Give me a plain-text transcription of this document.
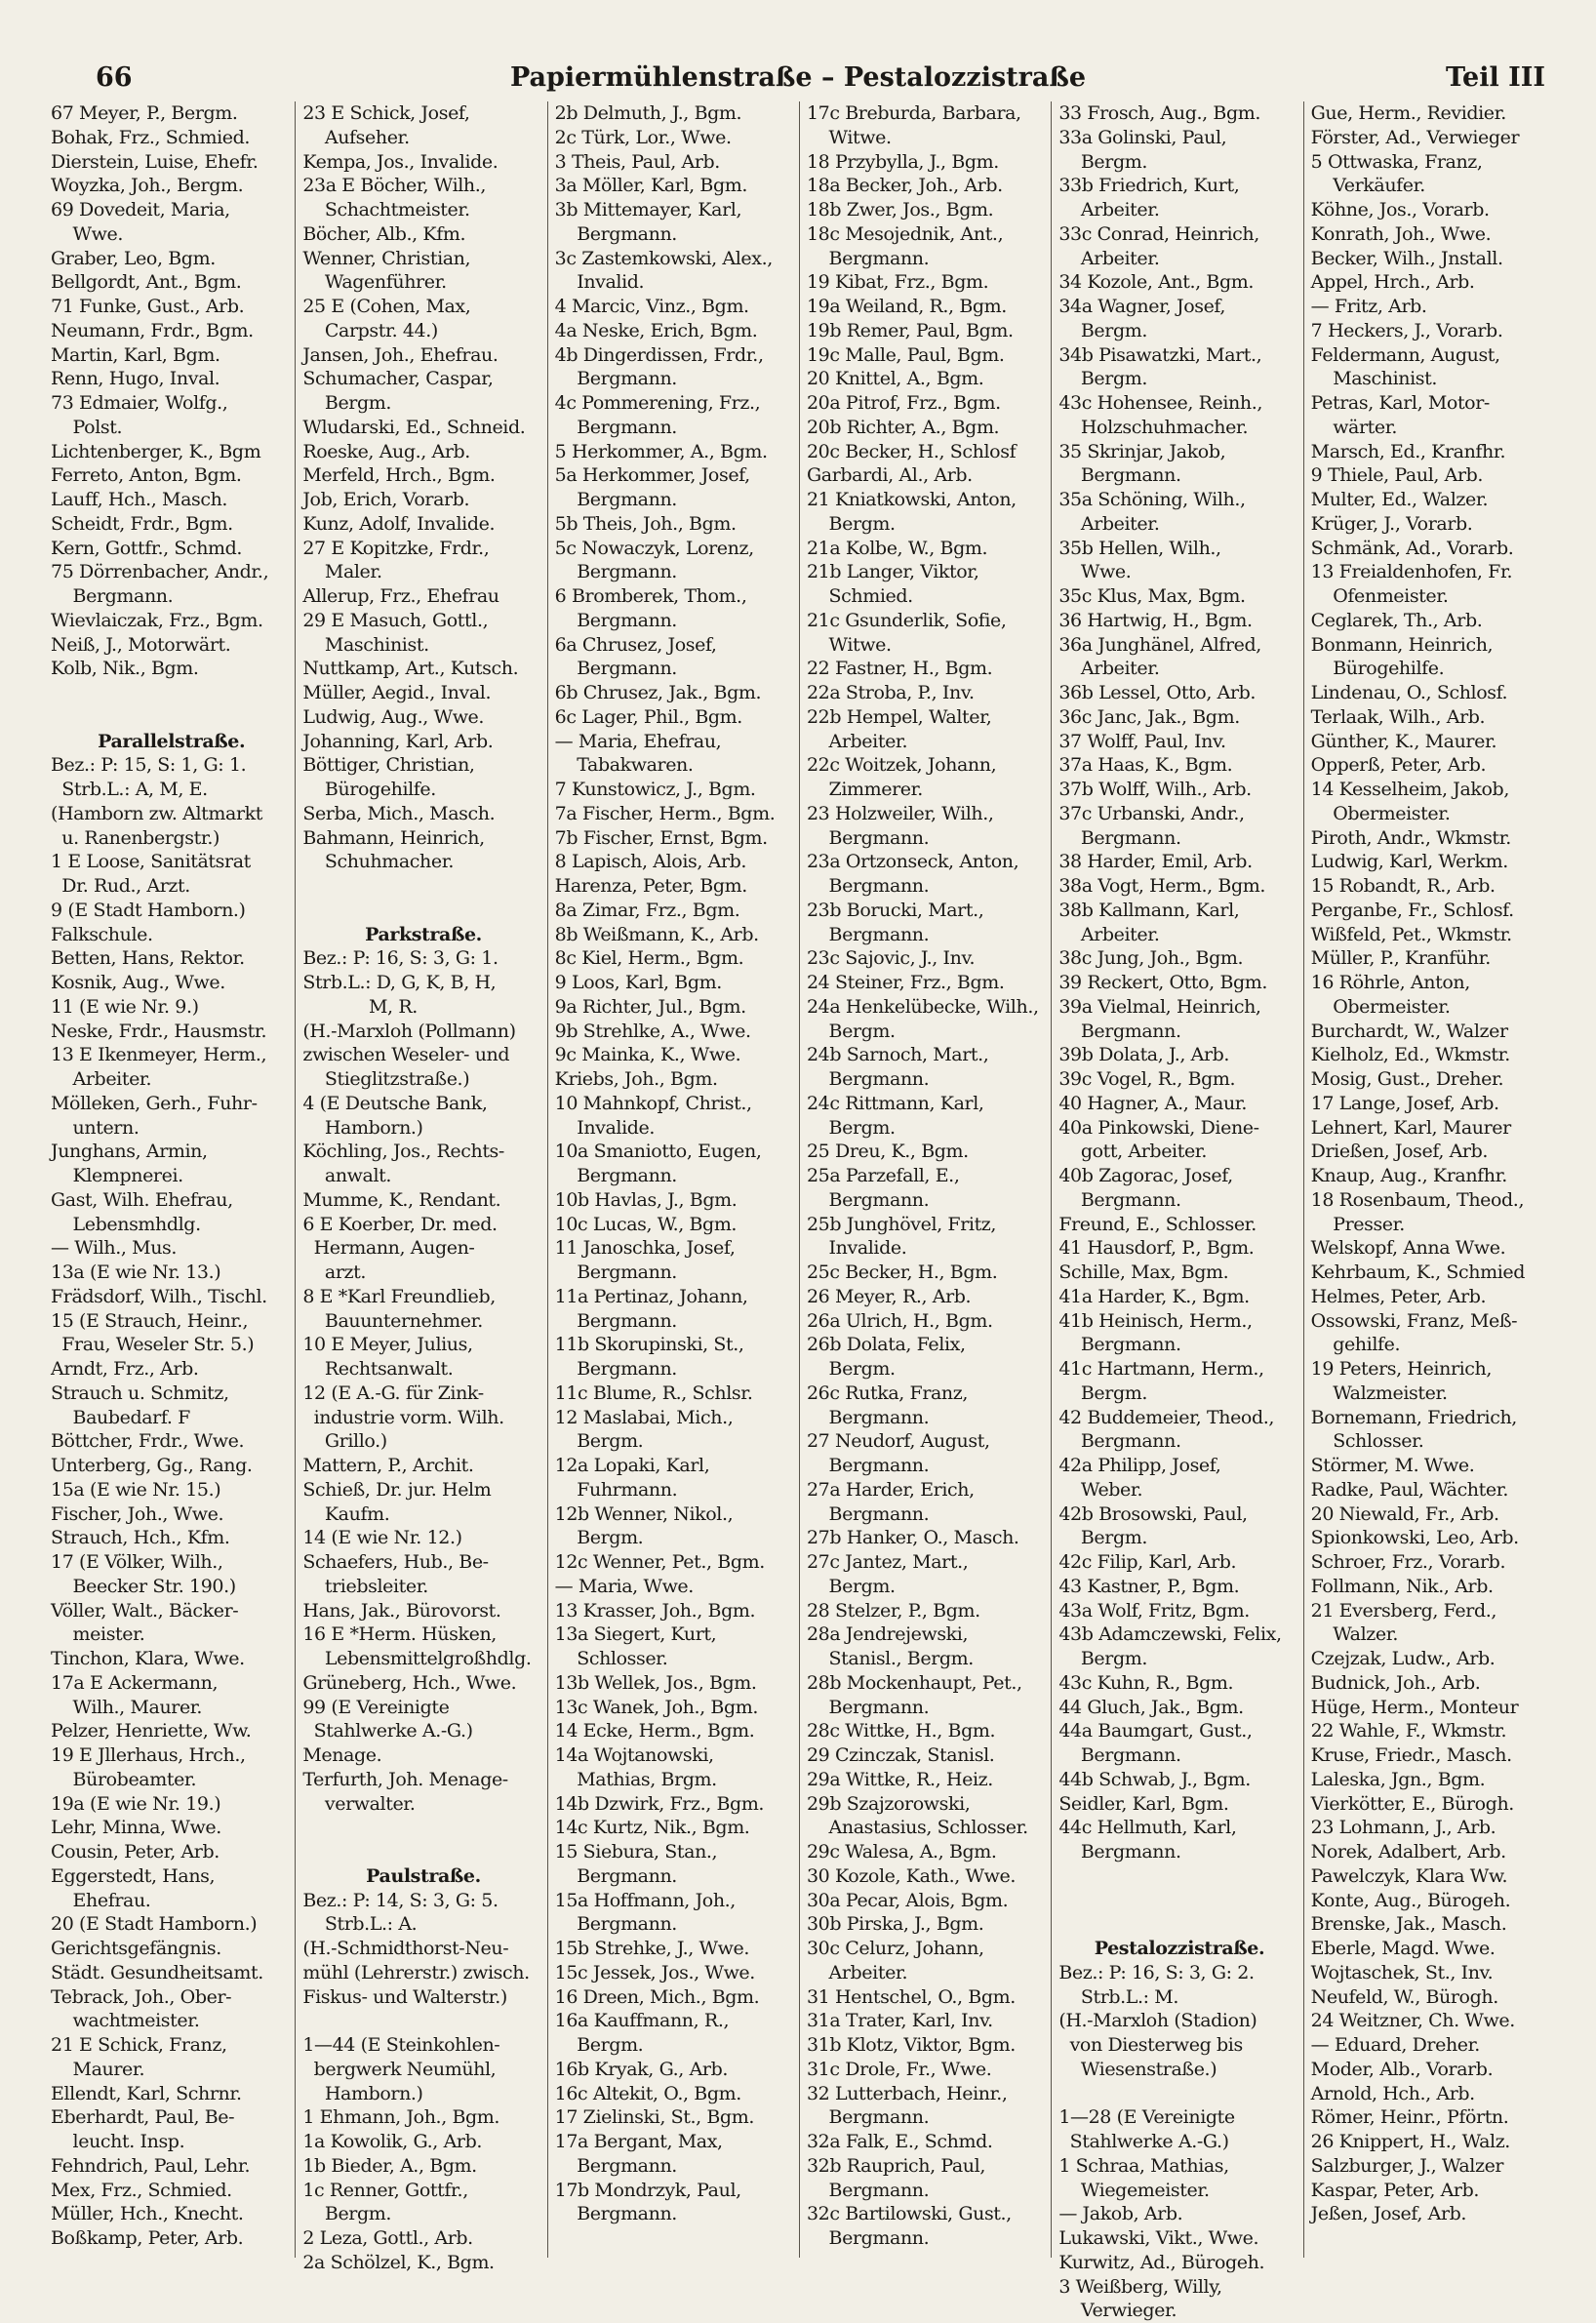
66	Papiermühlenstraße – Pestalozzistraße	Teil III
67 Meyer, P., Bergm.
Bohak, Frz., Schmied.
Dierstein, Luise, Ehefr.
Woyzka, Joh., Bergm.
69 Dovedeit, Maria,
Wwe.
Graber, Leo, Bgm.
Bellgordt, Ant., Bgm.
71 Funke, Gust., Arb.
Neumann, Frdr., Bgm.
Martin, Karl, Bgm.
Renn, Hugo, Inval.
73 Edmaier, Wolfg.,
Polst.
Lichtenberger, K., Bgm
Ferreto, Anton, Bgm.
Lauff, Hch., Masch.
Scheidt, Frdr., Bgm.
Kern, Gottfr., Schmd.
75 Dörrenbacher, Andr.,
Bergmann.
Wievlaiczak, Frz., Bgm.
Neiß, J., Motorwärt.
Kolb, Nik., Bgm.

Parallelstraße.
Bez.: P: 15, S: 1, G: 1.
Strb.L.: A, M, E.
(Hamborn zw. Altmarkt
u. Ranenbergstr.)
1 E Loose, Sanitätsrat
Dr. Rud., Arzt.
9 (E Stadt Hamborn.)
Falkschule.
Betten, Hans, Rektor.
Kosnik, Aug., Wwe.
11 (E wie Nr. 9.)
Neske, Frdr., Hausmstr.
13 E Ikenmeyer, Herm.,
Arbeiter.
Mölleken, Gerh., Fuhr-
untern.
Junghans, Armin,
Klempnerei.
Gast, Wilh. Ehefrau,
Lebensmhdlg.
— Wilh., Mus.
13a (E wie Nr. 13.)
Frädsdorf, Wilh., Tischl.
15 (E Strauch, Heinr.,
Frau, Weseler Str. 5.)
Arndt, Frz., Arb.
Strauch u. Schmitz,
Baubedarf. F
Böttcher, Frdr., Wwe.
Unterberg, Gg., Rang.
15a (E wie Nr. 15.)
Fischer, Joh., Wwe.
Strauch, Hch., Kfm.
17 (E Völker, Wilh.,
Beecker Str. 190.)
Völler, Walt., Bäcker-
meister.
Tinchon, Klara, Wwe.
17a E Ackermann,
Wilh., Maurer.
Pelzer, Henriette, Ww.
19 E Jllerhaus, Hrch.,
Bürobeamter.
19a (E wie Nr. 19.)
Lehr, Minna, Wwe.
Cousin, Peter, Arb.
Eggerstedt, Hans,
Ehefrau.
20 (E Stadt Hamborn.)
Gerichtsgefängnis.
Städt. Gesundheitsamt.
Tebrack, Joh., Ober-
wachtmeister.
21 E Schick, Franz,
Maurer.
Ellendt, Karl, Schrnr.
Eberhardt, Paul, Be-
leucht. Insp.
Fehndrich, Paul, Lehr.
Mex, Frz., Schmied.
Müller, Hch., Knecht.
Boßkamp, Peter, Arb.
23 E Schick, Josef,
Aufseher.
Kempa, Jos., Invalide.
23a E Böcher, Wilh.,
Schachtmeister.
Böcher, Alb., Kfm.
Wenner, Christian,
Wagenführer.
25 E (Cohen, Max,
Carpstr. 44.)
Jansen, Joh., Ehefrau.
Schumacher, Caspar,
Bergm.
Wludarski, Ed., Schneid.
Roeske, Aug., Arb.
Merfeld, Hrch., Bgm.
Job, Erich, Vorarb.
Kunz, Adolf, Invalide.
27 E Kopitzke, Frdr.,
Maler.
Allerup, Frz., Ehefrau
29 E Masuch, Gottl.,
Maschinist.
Nuttkamp, Art., Kutsch.
Müller, Aegid., Inval.
Ludwig, Aug., Wwe.
Johanning, Karl, Arb.
Böttiger, Christian,
Bürogehilfe.
Serba, Mich., Masch.
Bahmann, Heinrich,
Schuhmacher.

Parkstraße.
Bez.: P: 16, S: 3, G: 1.
Strb.L.: D, G, K, B, H,
M, R.
(H.-Marxloh (Pollmann)
zwischen Weseler- und
Stieglitzstraße.)
4 (E Deutsche Bank,
Hamborn.)
Köchling, Jos., Rechts-
anwalt.
Mumme, K., Rendant.
6 E Koerber, Dr. med.
Hermann, Augen-
arzt.
8 E *Karl Freundlieb,
Bauunternehmer.
10 E Meyer, Julius,
Rechtsanwalt.
12 (E A.-G. für Zink-
industrie vorm. Wilh.
Grillo.)
Mattern, P., Archit.
Schieß, Dr. jur. Helm
Kaufm.
14 (E wie Nr. 12.)
Schaefers, Hub., Be-
triebsleiter.
Hans, Jak., Bürovorst.
16 E *Herm. Hüsken,
Lebensmittelgroßhdlg.
Grüneberg, Hch., Wwe.
99 (E Vereinigte
Stahlwerke A.-G.)
Menage.
Terfurth, Joh. Menage-
verwalter.

Paulstraße.
Bez.: P: 14, S: 3, G: 5.
Strb.L.: A.
(H.-Schmidthorst-Neu-
mühl (Lehrerstr.) zwisch.
Fiskus- und Walterstr.)

1—44 (E Steinkohlen-
bergwerk Neumühl,
Hamborn.)
1 Ehmann, Joh., Bgm.
1a Kowolik, G., Arb.
1b Bieder, A., Bgm.
1c Renner, Gottfr.,
Bergm.
2 Leza, Gottl., Arb.
2a Schölzel, K., Bgm.
2b Delmuth, J., Bgm.
2c Türk, Lor., Wwe.
3 Theis, Paul, Arb.
3a Möller, Karl, Bgm.
3b Mittemayer, Karl,
Bergmann.
3c Zastemkowski, Alex.,
Invalid.
4 Marcic, Vinz., Bgm.
4a Neske, Erich, Bgm.
4b Dingerdissen, Frdr.,
Bergmann.
4c Pommerening, Frz.,
Bergmann.
5 Herkommer, A., Bgm.
5a Herkommer, Josef,
Bergmann.
5b Theis, Joh., Bgm.
5c Nowaczyk, Lorenz,
Bergmann.
6 Bromberek, Thom.,
Bergmann.
6a Chrusez, Josef,
Bergmann.
6b Chrusez, Jak., Bgm.
6c Lager, Phil., Bgm.
— Maria, Ehefrau,
Tabakwaren.
7 Kunstowicz, J., Bgm.
7a Fischer, Herm., Bgm.
7b Fischer, Ernst, Bgm.
8 Lapisch, Alois, Arb.
Harenza, Peter, Bgm.
8a Zimar, Frz., Bgm.
8b Weißmann, K., Arb.
8c Kiel, Herm., Bgm.
9 Loos, Karl, Bgm.
9a Richter, Jul., Bgm.
9b Strehlke, A., Wwe.
9c Mainka, K., Wwe.
Kriebs, Joh., Bgm.
10 Mahnkopf, Christ.,
Invalide.
10a Smaniotto, Eugen,
Bergmann.
10b Havlas, J., Bgm.
10c Lucas, W., Bgm.
11 Janoschka, Josef,
Bergmann.
11a Pertinaz, Johann,
Bergmann.
11b Skorupinski, St.,
Bergmann.
11c Blume, R., Schlsr.
12 Maslabai, Mich.,
Bergm.
12a Lopaki, Karl,
Fuhrmann.
12b Wenner, Nikol.,
Bergm.
12c Wenner, Pet., Bgm.
— Maria, Wwe.
13 Krasser, Joh., Bgm.
13a Siegert, Kurt,
Schlosser.
13b Wellek, Jos., Bgm.
13c Wanek, Joh., Bgm.
14 Ecke, Herm., Bgm.
14a Wojtanowski,
Mathias, Brgm.
14b Dzwirk, Frz., Bgm.
14c Kurtz, Nik., Bgm.
15 Siebura, Stan.,
Bergmann.
15a Hoffmann, Joh.,
Bergmann.
15b Strehke, J., Wwe.
15c Jessek, Jos., Wwe.
16 Dreen, Mich., Bgm.
16a Kauffmann, R.,
Bergm.
16b Kryak, G., Arb.
16c Altekit, O., Bgm.
17 Zielinski, St., Bgm.
17a Bergant, Max,
Bergmann.
17b Mondrzyk, Paul,
Bergmann.
17c Breburda, Barbara,
Witwe.
18 Przybylla, J., Bgm.
18a Becker, Joh., Arb.
18b Zwer, Jos., Bgm.
18c Mesojednik, Ant.,
Bergmann.
19 Kibat, Frz., Bgm.
19a Weiland, R., Bgm.
19b Remer, Paul, Bgm.
19c Malle, Paul, Bgm.
20 Knittel, A., Bgm.
20a Pitrof, Frz., Bgm.
20b Richter, A., Bgm.
20c Becker, H., Schlosf
Garbardi, Al., Arb.
21 Kniatkowski, Anton,
Bergm.
21a Kolbe, W., Bgm.
21b Langer, Viktor,
Schmied.
21c Gsunderlik, Sofie,
Witwe.
22 Fastner, H., Bgm.
22a Stroba, P., Inv.
22b Hempel, Walter,
Arbeiter.
22c Woitzek, Johann,
Zimmerer.
23 Holzweiler, Wilh.,
Bergmann.
23a Ortzonseck, Anton,
Bergmann.
23b Borucki, Mart.,
Bergmann.
23c Sajovic, J., Inv.
24 Steiner, Frz., Bgm.
24a Henkelübecke, Wilh.,
Bergm.
24b Sarnoch, Mart.,
Bergmann.
24c Rittmann, Karl,
Bergm.
25 Dreu, K., Bgm.
25a Parzefall, E.,
Bergmann.
25b Junghövel, Fritz,
Invalide.
25c Becker, H., Bgm.
26 Meyer, R., Arb.
26a Ulrich, H., Bgm.
26b Dolata, Felix,
Bergm.
26c Rutka, Franz,
Bergmann.
27 Neudorf, August,
Bergmann.
27a Harder, Erich,
Bergmann.
27b Hanker, O., Masch.
27c Jantez, Mart.,
Bergm.
28 Stelzer, P., Bgm.
28a Jendrejewski,
Stanisl., Bergm.
28b Mockenhaupt, Pet.,
Bergmann.
28c Wittke, H., Bgm.
29 Czinczak, Stanisl.
29a Wittke, R., Heiz.
29b Szajzorowski,
Anastasius, Schlosser.
29c Walesa, A., Bgm.
30 Kozole, Kath., Wwe.
30a Pecar, Alois, Bgm.
30b Pirska, J., Bgm.
30c Celurz, Johann,
Arbeiter.
31 Hentschel, O., Bgm.
31a Trater, Karl, Inv.
31b Klotz, Viktor, Bgm.
31c Drole, Fr., Wwe.
32 Lutterbach, Heinr.,
Bergmann.
32a Falk, E., Schmd.
32b Rauprich, Paul,
Bergmann.
32c Bartilowski, Gust.,
Bergmann.
33 Frosch, Aug., Bgm.
33a Golinski, Paul,
Bergm.
33b Friedrich, Kurt,
Arbeiter.
33c Conrad, Heinrich,
Arbeiter.
34 Kozole, Ant., Bgm.
34a Wagner, Josef,
Bergm.
34b Pisawatzki, Mart.,
Bergm.
43c Hohensee, Reinh.,
Holzschuhmacher.
35 Skrinjar, Jakob,
Bergmann.
35a Schöning, Wilh.,
Arbeiter.
35b Hellen, Wilh.,
Wwe.
35c Klus, Max, Bgm.
36 Hartwig, H., Bgm.
36a Junghänel, Alfred,
Arbeiter.
36b Lessel, Otto, Arb.
36c Janc, Jak., Bgm.
37 Wolff, Paul, Inv.
37a Haas, K., Bgm.
37b Wolff, Wilh., Arb.
37c Urbanski, Andr.,
Bergmann.
38 Harder, Emil, Arb.
38a Vogt, Herm., Bgm.
38b Kallmann, Karl,
Arbeiter.
38c Jung, Joh., Bgm.
39 Reckert, Otto, Bgm.
39a Vielmal, Heinrich,
Bergmann.
39b Dolata, J., Arb.
39c Vogel, R., Bgm.
40 Hagner, A., Maur.
40a Pinkowski, Diene-
gott, Arbeiter.
40b Zagorac, Josef,
Bergmann.
Freund, E., Schlosser.
41 Hausdorf, P., Bgm.
Schille, Max, Bgm.
41a Harder, K., Bgm.
41b Heinisch, Herm.,
Bergmann.
41c Hartmann, Herm.,
Bergm.
42 Buddemeier, Theod.,
Bergmann.
42a Philipp, Josef,
Weber.
42b Brosowski, Paul,
Bergm.
42c Filip, Karl, Arb.
43 Kastner, P., Bgm.
43a Wolf, Fritz, Bgm.
43b Adamczewski, Felix,
Bergm.
43c Kuhn, R., Bgm.
44 Gluch, Jak., Bgm.
44a Baumgart, Gust.,
Bergmann.
44b Schwab, J., Bgm.
Seidler, Karl, Bgm.
44c Hellmuth, Karl,
Bergmann.

Pestalozzistraße.
Bez.: P: 16, S: 3, G: 2.
Strb.L.: M.
(H.-Marxloh (Stadion)
von Diesterweg bis
Wiesenstraße.)

1—28 (E Vereinigte
Stahlwerke A.-G.)
1 Schraa, Mathias,
Wiegemeister.
— Jakob, Arb.
Lukawski, Vikt., Wwe.
Kurwitz, Ad., Bürogeh.
3 Weißberg, Willy,
Verwieger.
Gue, Herm., Revidier.
Förster, Ad., Verwieger
5 Ottwaska, Franz,
Verkäufer.
Köhne, Jos., Vorarb.
Konrath, Joh., Wwe.
Becker, Wilh., Jnstall.
Appel, Hrch., Arb.
— Fritz, Arb.
7 Heckers, J., Vorarb.
Feldermann, August,
Maschinist.
Petras, Karl, Motor-
wärter.
Marsch, Ed., Kranfhr.
9 Thiele, Paul, Arb.
Multer, Ed., Walzer.
Krüger, J., Vorarb.
Schmänk, Ad., Vorarb.
13 Freialdenhofen, Fr.
Ofenmeister.
Ceglarek, Th., Arb.
Bonmann, Heinrich,
Bürogehilfe.
Lindenau, O., Schlosf.
Terlaak, Wilh., Arb.
Günther, K., Maurer.
Opperß, Peter, Arb.
14 Kesselheim, Jakob,
Obermeister.
Piroth, Andr., Wkmstr.
Ludwig, Karl, Werkm.
15 Robandt, R., Arb.
Perganbe, Fr., Schlosf.
Wißfeld, Pet., Wkmstr.
Müller, P., Kranführ.
16 Röhrle, Anton,
Obermeister.
Burchardt, W., Walzer
Kielholz, Ed., Wkmstr.
Mosig, Gust., Dreher.
17 Lange, Josef, Arb.
Lehnert, Karl, Maurer
Drießen, Josef, Arb.
Knaup, Aug., Kranfhr.
18 Rosenbaum, Theod.,
Presser.
Welskopf, Anna Wwe.
Kehrbaum, K., Schmied
Helmes, Peter, Arb.
Ossowski, Franz, Meß-
gehilfe.
19 Peters, Heinrich,
Walzmeister.
Bornemann, Friedrich,
Schlosser.
Störmer, M. Wwe.
Radke, Paul, Wächter.
20 Niewald, Fr., Arb.
Spionkowski, Leo, Arb.
Schroer, Frz., Vorarb.
Follmann, Nik., Arb.
21 Eversberg, Ferd.,
Walzer.
Czejzak, Ludw., Arb.
Budnick, Joh., Arb.
Hüge, Herm., Monteur
22 Wahle, F., Wkmstr.
Kruse, Friedr., Masch.
Laleska, Jgn., Bgm.
Vierkötter, E., Bürogh.
23 Lohmann, J., Arb.
Norek, Adalbert, Arb.
Pawelczyk, Klara Ww.
Konte, Aug., Bürogeh.
Brenske, Jak., Masch.
Eberle, Magd. Wwe.
Wojtaschek, St., Inv.
Neufeld, W., Bürogh.
24 Weitzner, Ch. Wwe.
— Eduard, Dreher.
Moder, Alb., Vorarb.
Arnold, Hch., Arb.
Römer, Heinr., Pförtn.
26 Knippert, H., Walz.
Salzburger, J., Walzer
Kaspar, Peter, Arb.
Jeßen, Josef, Arb.
